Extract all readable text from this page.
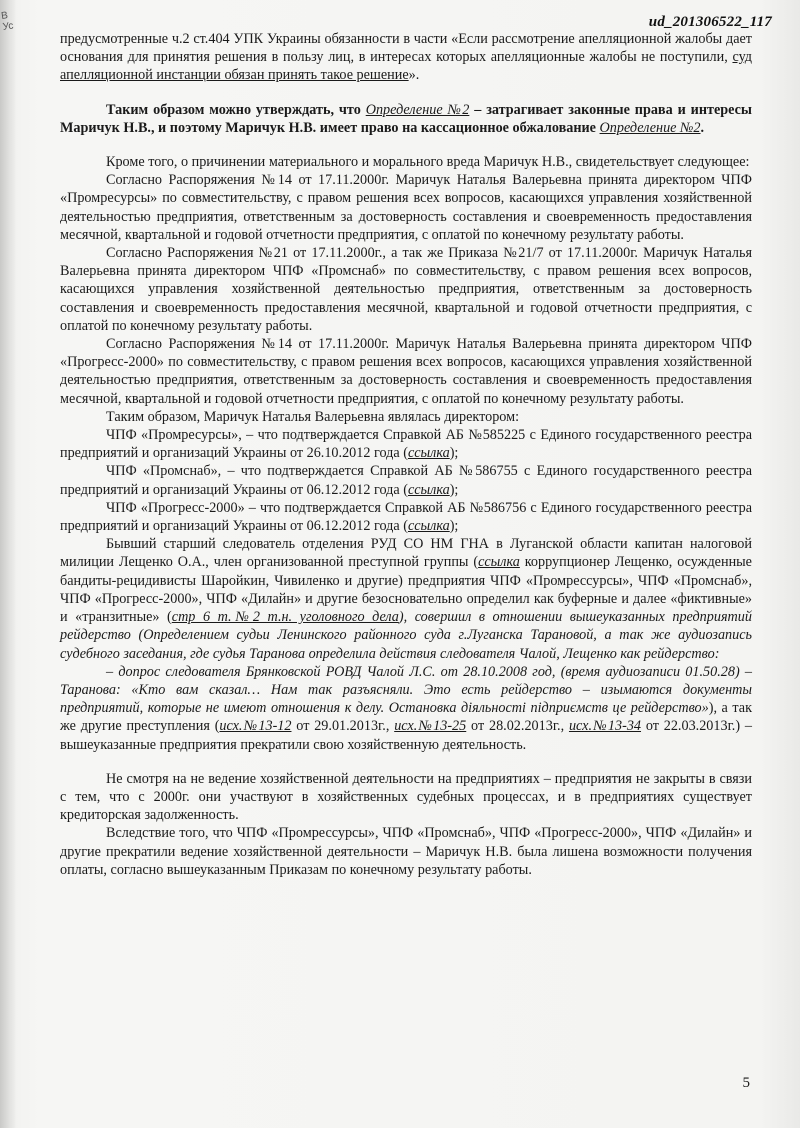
В Ус	ud_201306522_117

предусмотренные ч.2 ст.404 УПК Украины обязанности в части «Если рассмотрение апелляционной жалобы дает основания для принятия решения в пользу лиц, в интересах которых апелляционные жалобы не поступили, суд апелляционной инстанции обязан принять такое решение».

Таким образом можно утверждать, что Определение №2 – затрагивает законные права и интересы Маричук Н.В., и поэтому Маричук Н.В. имеет право на кассационное обжалование Определение №2.

Кроме того, о причинении материального и морального вреда Маричук Н.В., свидетельствует следующее:

Согласно Распоряжения №14 от 17.11.2000г. Маричук Наталья Валерьевна принята директором ЧПФ «Промресурсы» по совместительству, с правом решения всех вопросов, касающихся управления хозяйственной деятельностью предприятия, ответственным за достоверность составления и своевременность предоставления месячной, квартальной и годовой отчетности предприятия, с оплатой по конечному результату работы.

Согласно Распоряжения №21 от 17.11.2000г., а так же Приказа №21/7 от 17.11.2000г. Маричук Наталья Валерьевна принята директором ЧПФ «Промснаб» по совместительству, с правом решения всех вопросов, касающихся управления хозяйственной деятельностью предприятия, ответственным за достоверность составления и своевременность предоставления месячной, квартальной и годовой отчетности предприятия, с оплатой по конечному результату работы.

Согласно Распоряжения №14 от 17.11.2000г. Маричук Наталья Валерьевна принята директором ЧПФ «Прогресс-2000» по совместительству, с правом решения всех вопросов, касающихся управления хозяйственной деятельностью предприятия, ответственным за достоверность составления и своевременность предоставления месячной, квартальной и годовой отчетности предприятия, с оплатой по конечному результату работы.

Таким образом, Маричук Наталья Валерьевна являлась директором:

ЧПФ «Промресурсы», – что подтверждается Справкой АБ №585225 с Единого государственного реестра предприятий и организаций Украины от 26.10.2012 года (ссылка);

ЧПФ «Промснаб», – что подтверждается Справкой АБ №586755 с Единого государственного реестра предприятий и организаций Украины от 06.12.2012 года (ссылка);

ЧПФ «Прогресс-2000» – что подтверждается Справкой АБ №586756 с Единого государственного реестра предприятий и организаций Украины от 06.12.2012 года (ссылка);

Бывший старший следователь отделения РУД СО НМ ГНА в Луганской области капитан налоговой милиции Лещенко О.А., член организованной преступной группы (ссылка коррупционер Лещенко, осужденные бандиты-рецидивисты Шаройкин, Чивиленко и другие) предприятия ЧПФ «Промрессурсы», ЧПФ «Промснаб», ЧПФ «Прогресс-2000», ЧПФ «Дилайн» и другие безосновательно определил как буферные и далее «фиктивные» и «транзитные» (стр 6 т.№2 т.н. уголовного дела), совершил в отношении вышеуказанных предприятий рейдерство (Определением судьи Ленинского районного суда г.Луганска Тарановой, а так же аудиозапись судебного заседания, где судья Таранова определила действия следователя Чалой, Лещенко как рейдерство:

– допрос следователя Брянковской РОВД Чалой Л.С. от 28.10.2008 год, (время аудиозаписи 01.50.28) – Таранова: «Кто вам сказал… Нам так разъясняли. Это есть рейдерство – изымаются документы предприятий, которые не имеют отношения к делу. Остановка діяльності підприємств це рейдерство»), а так же другие преступления (исх.№13-12 от 29.01.2013г., исх.№13-25 от 28.02.2013г., исх.№13-34 от 22.03.2013г.) – вышеуказанные предприятия прекратили свою хозяйственную деятельность.

Не смотря на не ведение хозяйственной деятельности на предприятиях – предприятия не закрыты в связи с тем, что с 2000г. они участвуют в хозяйственных судебных процессах, и в предприятиях существует кредиторская задолженность.

Вследствие того, что ЧПФ «Промрессурсы», ЧПФ «Промснаб», ЧПФ «Прогресс-2000», ЧПФ «Дилайн» и другие прекратили ведение хозяйственной деятельности – Маричук Н.В. была лишена возможности получения оплаты, согласно вышеуказанным Приказам по конечному результату работы.

5
